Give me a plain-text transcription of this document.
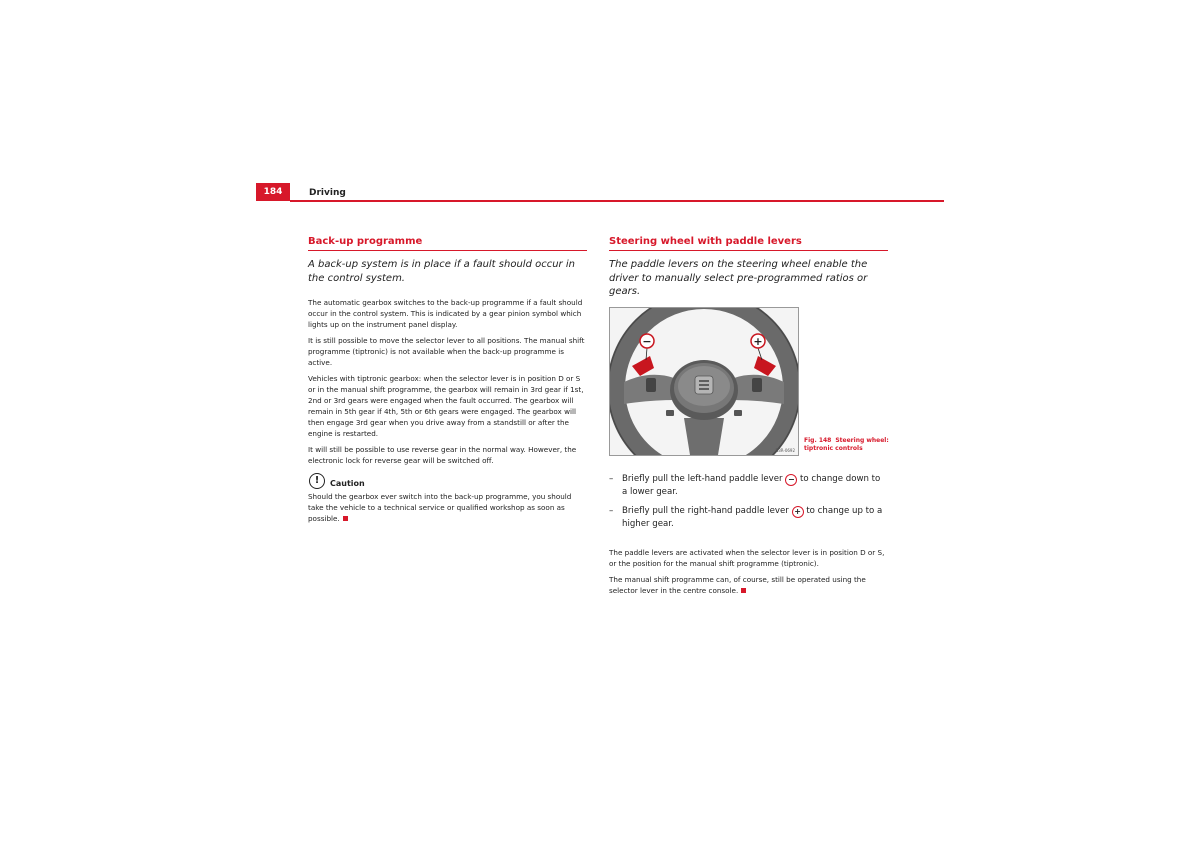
184	Driving
Back-up programme
A back-up system is in place if a fault should occur in the control system.

The automatic gearbox switches to the back-up programme if a fault should occur in the control system. This is indicated by a gear pinion symbol which lights up on the instrument panel display.

It is still possible to move the selector lever to all positions. The manual shift programme (tiptronic) is not available when the back-up programme is active.

Vehicles with tiptronic gearbox: when the selector lever is in position D or S or in the manual shift programme, the gearbox will remain in 3rd gear if 1st, 2nd or 3rd gears were engaged when the fault occurred. The gearbox will remain in 5th gear if 4th, 5th or 6th gears were engaged. The gearbox will then engage 3rd gear when you drive away from a standstill or after the engine is restarted.

It will still be possible to use reverse gear in the normal way. However, the electronic lock for reverse gear will be switched off.

!	Caution

Should the gearbox ever switch into the back-up programme, you should take the vehicle to a technical service or qualified workshop as soon as possible.

Steering wheel with paddle levers
The paddle levers on the steering wheel enable the driver to manually select pre-programmed ratios or gears.
−	+
B3R-0692
Fig. 148 Steering wheel: tiptronic controls
– Briefly pull the left-hand paddle lever − to change down to a lower gear.
– Briefly pull the right-hand paddle lever + to change up to a higher gear.

The paddle levers are activated when the selector lever is in position D or S, or the position for the manual shift programme (tiptronic).

The manual shift programme can, of course, still be operated using the selector lever in the centre console.
